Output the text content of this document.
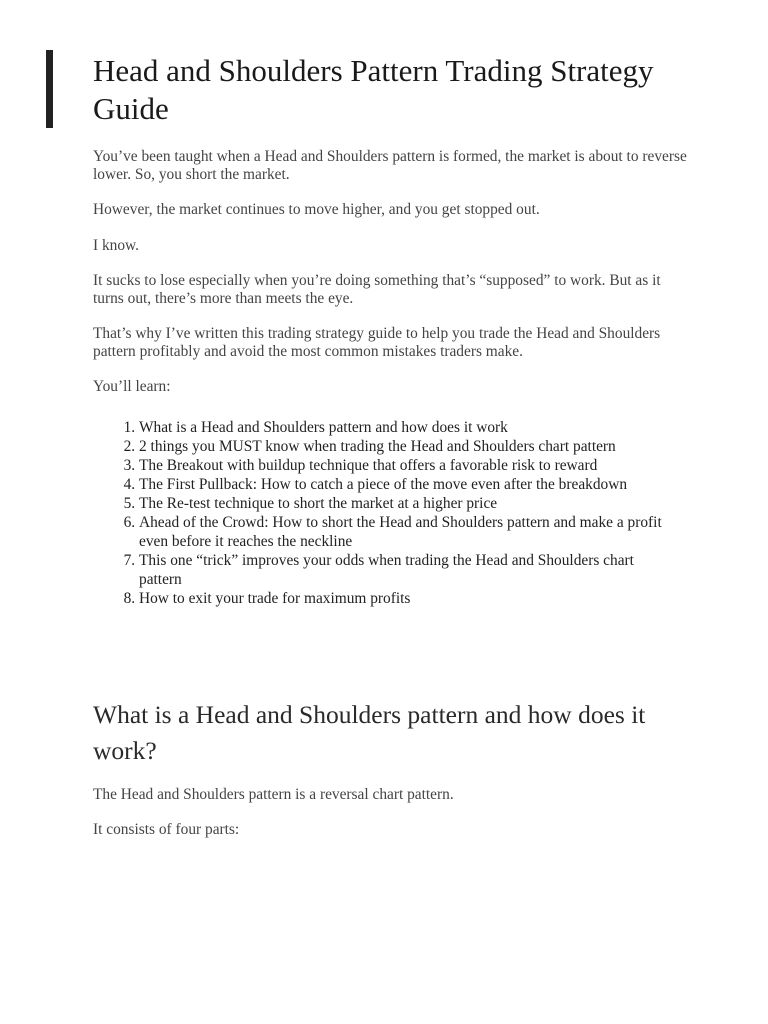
Head and Shoulders Pattern Trading Strategy Guide

You’ve been taught when a Head and Shoulders pattern is formed, the market is about to reverse lower. So, you short the market.

However, the market continues to move higher, and you get stopped out.

I know.

It sucks to lose especially when you’re doing something that’s “supposed” to work. But as it turns out, there’s more than meets the eye.

That’s why I’ve written this trading strategy guide to help you trade the Head and Shoulders pattern profitably and avoid the most common mistakes traders make.

You’ll learn:

1. What is a Head and Shoulders pattern and how does it work
2. 2 things you MUST know when trading the Head and Shoulders chart pattern
3. The Breakout with buildup technique that offers a favorable risk to reward
4. The First Pullback: How to catch a piece of the move even after the breakdown
5. The Re-test technique to short the market at a higher price
6. Ahead of the Crowd: How to short the Head and Shoulders pattern and make a profit even before it reaches the neckline
7. This one “trick” improves your odds when trading the Head and Shoulders chart pattern
8. How to exit your trade for maximum profits
What is a Head and Shoulders pattern and how does it work?

The Head and Shoulders pattern is a reversal chart pattern.

It consists of four parts:
